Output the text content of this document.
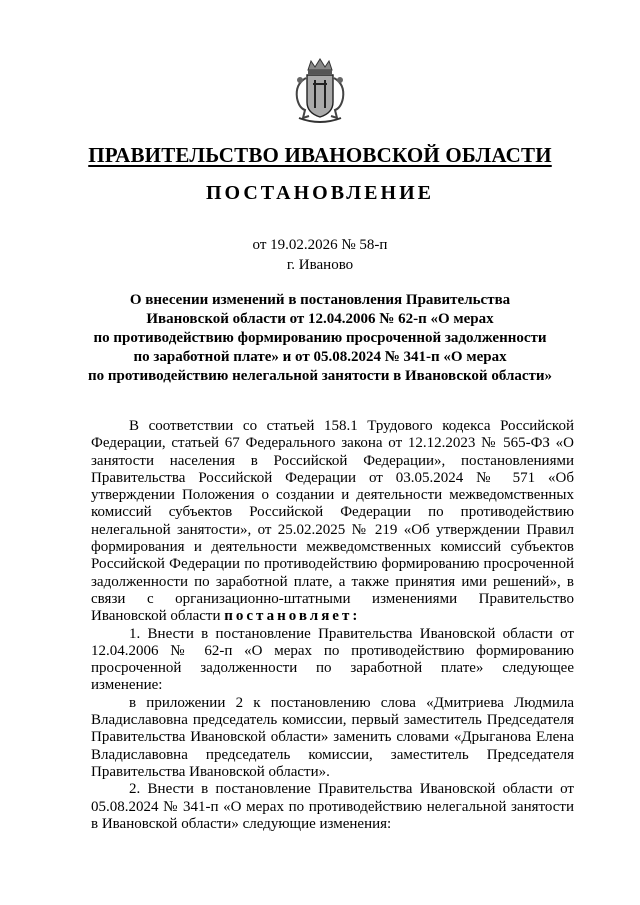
ПРАВИТЕЛЬСТВО ИВАНОВСКОЙ ОБЛАСТИ
ПОСТАНОВЛЕНИЕ
от 19.02.2026 № 58-п
г. Иваново
О внесении изменений в постановления Правительства
Ивановской области от 12.04.2006 № 62-п «О мерах
по противодействию формированию просроченной задолженности
по заработной плате» и от 05.08.2024 № 341-п «О мерах
по противодействию нелегальной занятости в Ивановской области»

В соответствии со статьей 158.1 Трудового кодекса Российской Федерации, статьей 67 Федерального закона от 12.12.2023 № 565-ФЗ «О занятости населения в Российской Федерации», постановлениями Правительства Российской Федерации от 03.05.2024 № 571 «Об утверждении Положения о создании и деятельности межведомственных комиссий субъектов Российской Федерации по противодействию нелегальной занятости», от 25.02.2025 № 219 «Об утверждении Правил формирования и деятельности межведомственных комиссий субъектов Российской Федерации по противодействию формированию просроченной задолженности по заработной плате, а также принятия ими решений», в связи с организационно-штатными изменениями Правительство Ивановской области постановляет:

1. Внести в постановление Правительства Ивановской области от 12.04.2006 № 62-п «О мерах по противодействию формированию просроченной задолженности по заработной плате» следующее изменение:

в приложении 2 к постановлению слова «Дмитриева Людмила Владиславовна председатель комиссии, первый заместитель Председателя Правительства Ивановской области» заменить словами «Дрыганова Елена Владиславовна председатель комиссии, заместитель Председателя Правительства Ивановской области».

2. Внести в постановление Правительства Ивановской области от 05.08.2024 № 341-п «О мерах по противодействию нелегальной занятости в Ивановской области» следующие изменения:
